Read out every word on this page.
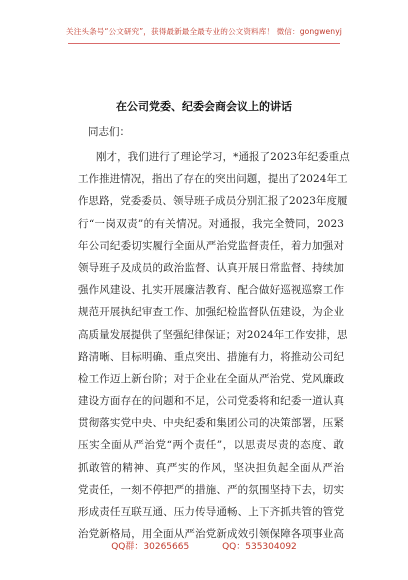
关注头条号“公文研究”，获得最新最全最专业的公文资料库！ 微信：gongwenyj
在公司党委、纪委会商会议上的讲话
同志们：
刚才，我们进行了理论学习，*通报了2023年纪委重点
工作推进情况，指出了存在的突出问题，提出了2024年工
作思路，党委委员、领导班子成员分别汇报了2023年度履
行“一岗双责”的有关情况。对通报，我完全赞同，2023
年公司纪委切实履行全面从严治党监督责任，着力加强对
领导班子及成员的政治监督、认真开展日常监督、持续加
强作风建设、扎实开展廉洁教育、配合做好巡视巡察工作
规范开展执纪审查工作、加强纪检监督队伍建设，为企业
高质量发展提供了坚强纪律保证；对2024年工作安排，思
路清晰、目标明确、重点突出、措施有力，将推动公司纪
检工作迈上新台阶；对于企业在全面从严治党、党风廉政
建设方面存在的问题和不足，公司党委将和纪委一道认真
贯彻落实党中央、中央纪委和集团公司的决策部署，压紧
压实全面从严治党“两个责任”，以思责尽责的态度、敢
抓敢管的精神、真严实的作风，坚决担负起全面从严治
党责任，一刻不停把严的措施、严的氛围坚持下去，切实
形成责任互联互通、压力传导通畅、上下齐抓共管的管党
治党新格局，用全面从严治党新成效引领保障各项事业高
QQ群：30265665	QQ：535304092
